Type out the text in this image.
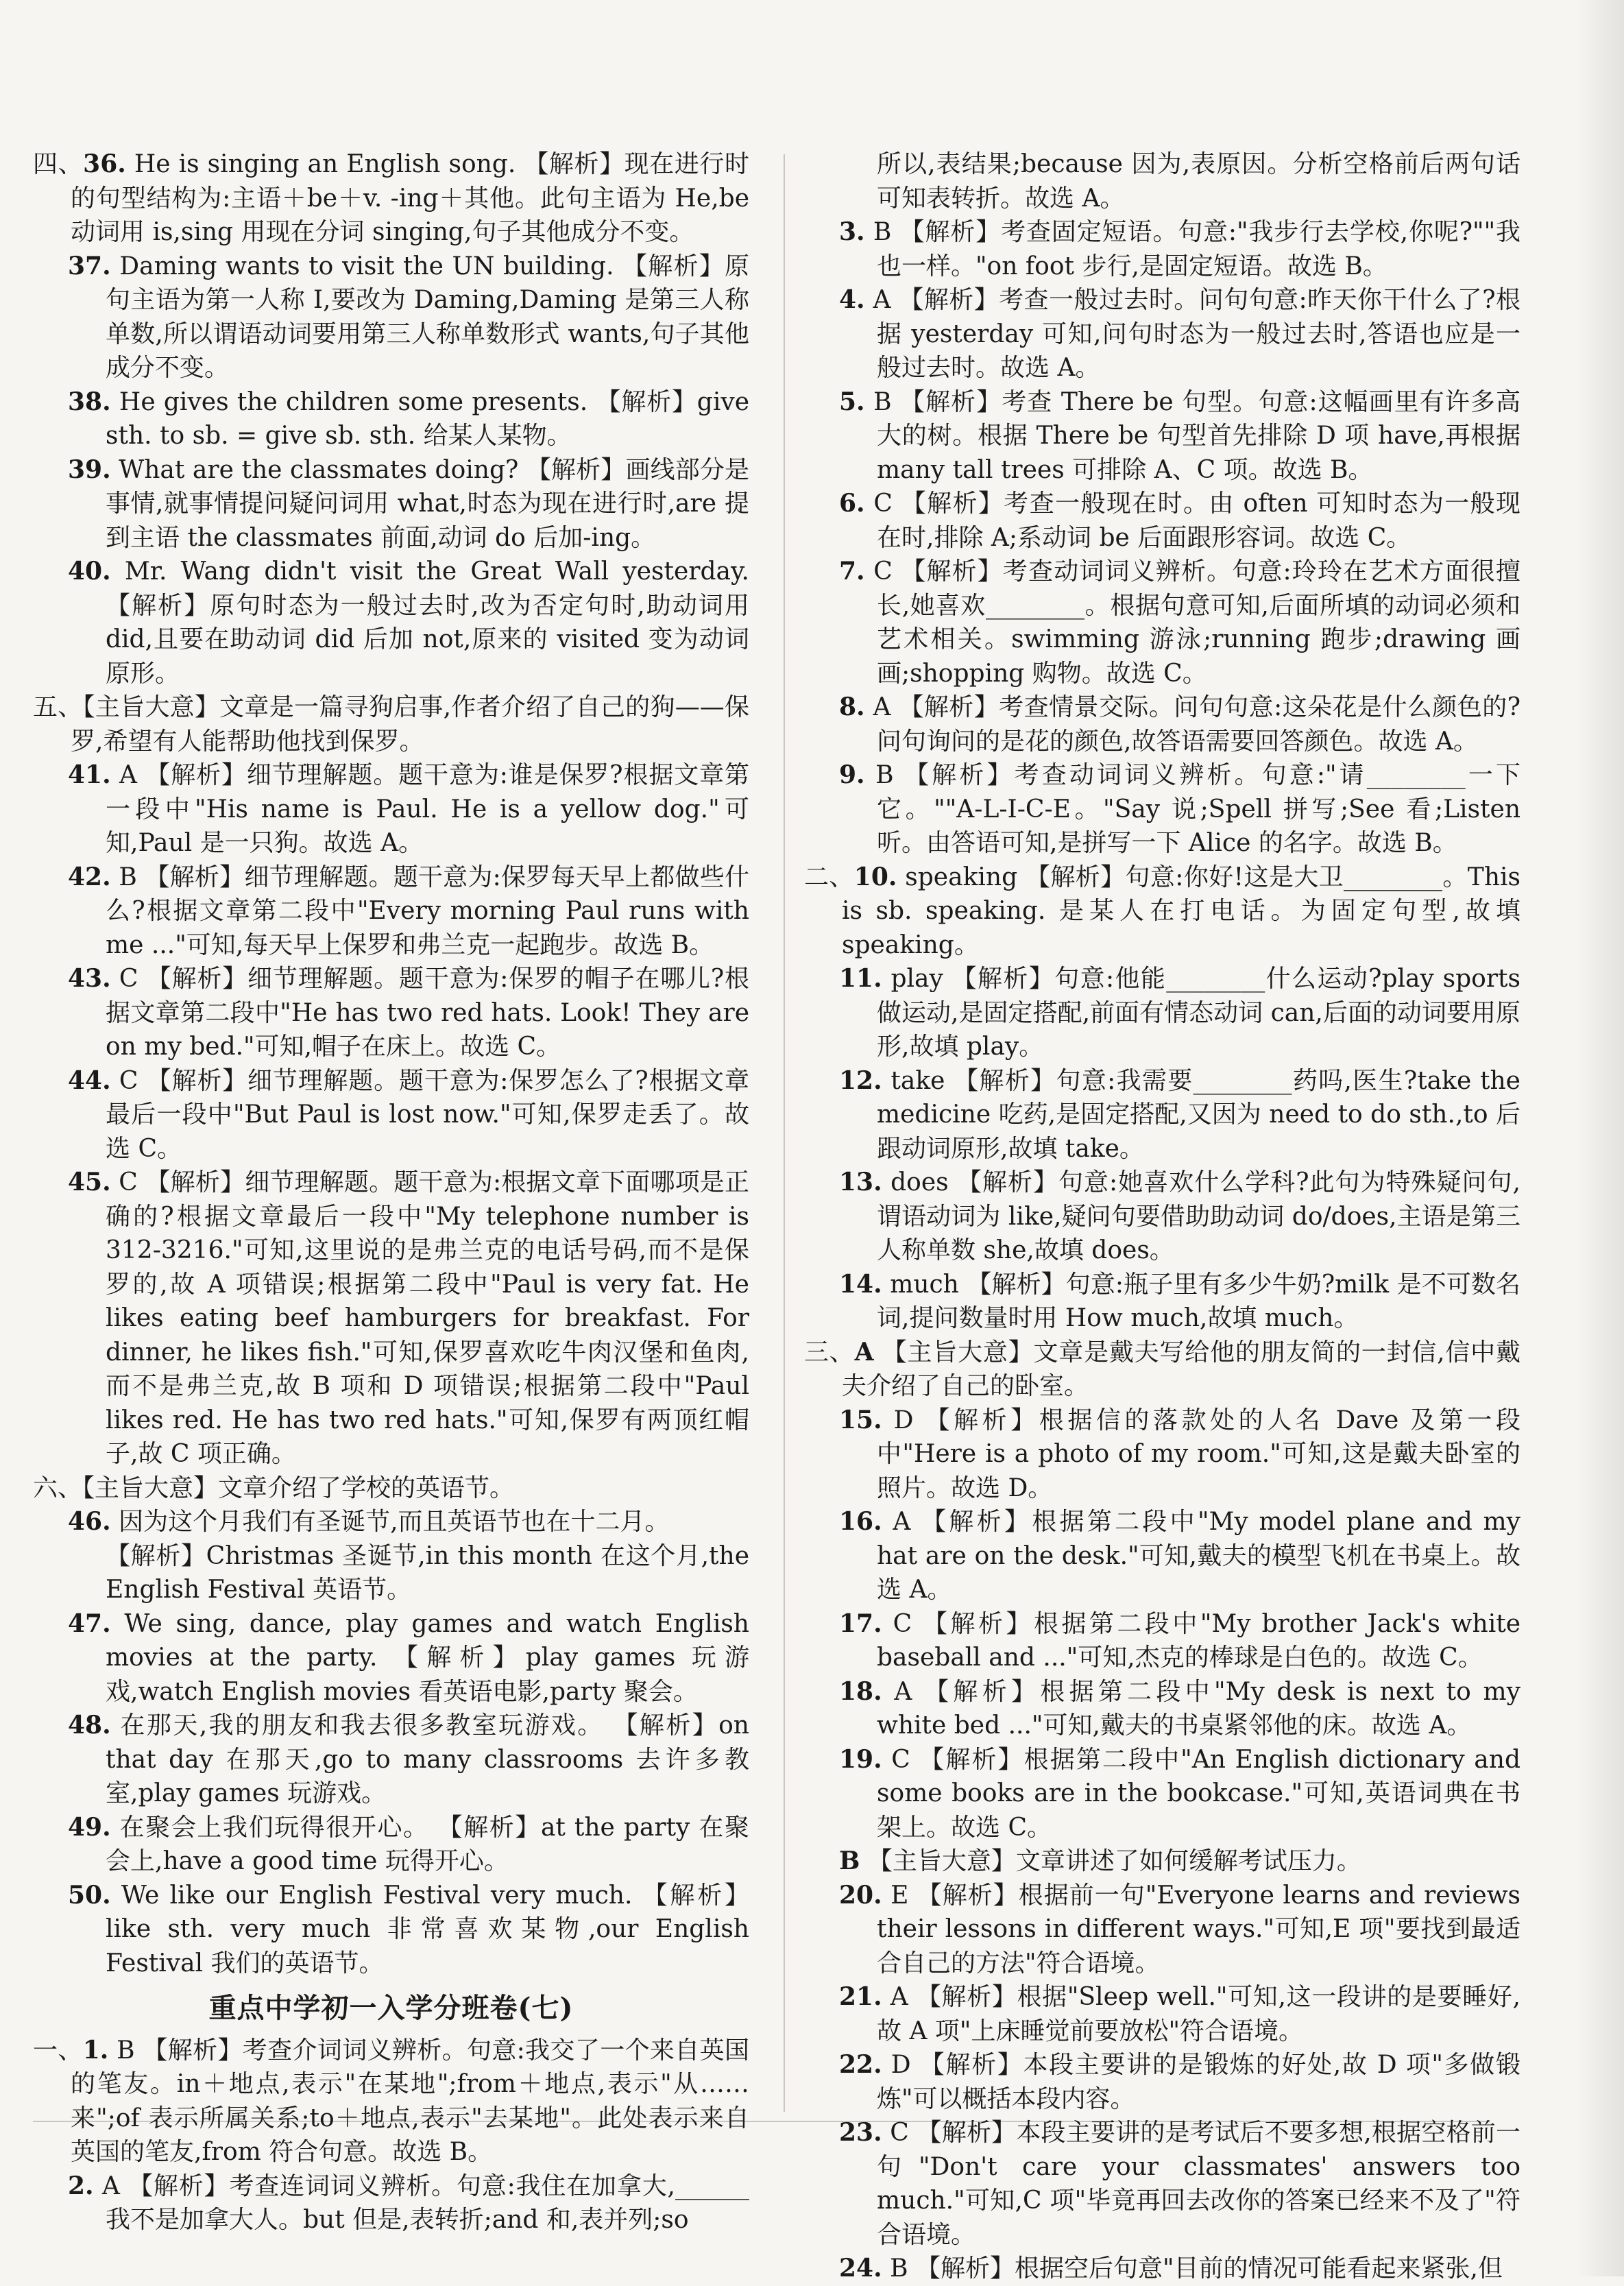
四、36. He is singing an English song. 【解析】现在进行时的句型结构为:主语＋be＋v. -ing＋其他。此句主语为 He,be 动词用 is,sing 用现在分词 singing,句子其他成分不变。
37. Daming wants to visit the UN building. 【解析】原句主语为第一人称 I,要改为 Daming,Daming 是第三人称单数,所以谓语动词要用第三人称单数形式 wants,句子其他成分不变。
38. He gives the children some presents. 【解析】give sth. to sb. = give sb. sth. 给某人某物。
39. What are the classmates doing? 【解析】画线部分是事情,就事情提问疑问词用 what,时态为现在进行时,are 提到主语 the classmates 前面,动词 do 后加-ing。
40. Mr. Wang didn't visit the Great Wall yesterday. 【解析】原句时态为一般过去时,改为否定句时,助动词用 did,且要在助动词 did 后加 not,原来的 visited 变为动词原形。
五、【主旨大意】文章是一篇寻狗启事,作者介绍了自己的狗——保罗,希望有人能帮助他找到保罗。
41. A 【解析】细节理解题。题干意为:谁是保罗?根据文章第一段中"His name is Paul. He is a yellow dog."可知,Paul 是一只狗。故选 A。
42. B 【解析】细节理解题。题干意为:保罗每天早上都做些什么?根据文章第二段中"Every morning Paul runs with me ..."可知,每天早上保罗和弗兰克一起跑步。故选 B。
43. C 【解析】细节理解题。题干意为:保罗的帽子在哪儿?根据文章第二段中"He has two red hats. Look! They are on my bed."可知,帽子在床上。故选 C。
44. C 【解析】细节理解题。题干意为:保罗怎么了?根据文章最后一段中"But Paul is lost now."可知,保罗走丢了。故选 C。
45. C 【解析】细节理解题。题干意为:根据文章下面哪项是正确的?根据文章最后一段中"My telephone number is 312-3216."可知,这里说的是弗兰克的电话号码,而不是保罗的,故 A 项错误;根据第二段中"Paul is very fat. He likes eating beef hamburgers for breakfast. For dinner, he likes fish."可知,保罗喜欢吃牛肉汉堡和鱼肉,而不是弗兰克,故 B 项和 D 项错误;根据第二段中"Paul likes red. He has two red hats."可知,保罗有两顶红帽子,故 C 项正确。
六、【主旨大意】文章介绍了学校的英语节。
46. 因为这个月我们有圣诞节,而且英语节也在十二月。
【解析】Christmas 圣诞节,in this month 在这个月,the English Festival 英语节。
47. We sing, dance, play games and watch English movies at the party. 【解析】play games 玩游戏,watch English movies 看英语电影,party 聚会。
48. 在那天,我的朋友和我去很多教室玩游戏。 【解析】on that day 在那天,go to many classrooms 去许多教室,play games 玩游戏。
49. 在聚会上我们玩得很开心。 【解析】at the party 在聚会上,have a good time 玩得开心。
50. We like our English Festival very much. 【解析】like sth. very much 非常喜欢某物,our English Festival 我们的英语节。
重点中学初一入学分班卷(七)
一、1. B 【解析】考查介词词义辨析。句意:我交了一个来自英国的笔友。in＋地点,表示"在某地";from＋地点,表示"从……来";of 表示所属关系;to＋地点,表示"去某地"。此处表示来自英国的笔友,from 符合句意。故选 B。
2. A 【解析】考查连词词义辨析。句意:我住在加拿大,______我不是加拿大人。but 但是,表转折;and 和,表并列;so
所以,表结果;because 因为,表原因。分析空格前后两句话可知表转折。故选 A。
3. B 【解析】考查固定短语。句意:"我步行去学校,你呢?""我也一样。"on foot 步行,是固定短语。故选 B。
4. A 【解析】考查一般过去时。问句句意:昨天你干什么了?根据 yesterday 可知,问句时态为一般过去时,答语也应是一般过去时。故选 A。
5. B 【解析】考查 There be 句型。句意:这幅画里有许多高大的树。根据 There be 句型首先排除 D 项 have,再根据 many tall trees 可排除 A、C 项。故选 B。
6. C 【解析】考查一般现在时。由 often 可知时态为一般现在时,排除 A;系动词 be 后面跟形容词。故选 C。
7. C 【解析】考查动词词义辨析。句意:玲玲在艺术方面很擅长,她喜欢________。根据句意可知,后面所填的动词必须和艺术相关。swimming 游泳;running 跑步;drawing 画画;shopping 购物。故选 C。
8. A 【解析】考查情景交际。问句句意:这朵花是什么颜色的?问句询问的是花的颜色,故答语需要回答颜色。故选 A。
9. B 【解析】考查动词词义辨析。句意:"请________一下它。""A-L-I-C-E。"Say 说;Spell 拼写;See 看;Listen 听。由答语可知,是拼写一下 Alice 的名字。故选 B。
二、10. speaking 【解析】句意:你好!这是大卫________。This is sb. speaking. 是某人在打电话。为固定句型,故填 speaking。
11. play 【解析】句意:他能________什么运动?play sports 做运动,是固定搭配,前面有情态动词 can,后面的动词要用原形,故填 play。
12. take 【解析】句意:我需要________药吗,医生?take the medicine 吃药,是固定搭配,又因为 need to do sth.,to 后跟动词原形,故填 take。
13. does 【解析】句意:她喜欢什么学科?此句为特殊疑问句,谓语动词为 like,疑问句要借助助动词 do/does,主语是第三人称单数 she,故填 does。
14. much 【解析】句意:瓶子里有多少牛奶?milk 是不可数名词,提问数量时用 How much,故填 much。
三、A 【主旨大意】文章是戴夫写给他的朋友简的一封信,信中戴夫介绍了自己的卧室。
15. D 【解析】根据信的落款处的人名 Dave 及第一段中"Here is a photo of my room."可知,这是戴夫卧室的照片。故选 D。
16. A 【解析】根据第二段中"My model plane and my hat are on the desk."可知,戴夫的模型飞机在书桌上。故选 A。
17. C 【解析】根据第二段中"My brother Jack's white baseball and ..."可知,杰克的棒球是白色的。故选 C。
18. A 【解析】根据第二段中"My desk is next to my white bed ..."可知,戴夫的书桌紧邻他的床。故选 A。
19. C 【解析】根据第二段中"An English dictionary and some books are in the bookcase."可知,英语词典在书架上。故选 C。
B 【主旨大意】文章讲述了如何缓解考试压力。
20. E 【解析】根据前一句"Everyone learns and reviews their lessons in different ways."可知,E 项"要找到最适合自己的方法"符合语境。
21. A 【解析】根据"Sleep well."可知,这一段讲的是要睡好,故 A 项"上床睡觉前要放松"符合语境。
22. D 【解析】本段主要讲的是锻炼的好处,故 D 项"多做锻炼"可以概括本段内容。
23. C 【解析】本段主要讲的是考试后不要多想,根据空格前一句"Don't care your classmates' answers too much."可知,C 项"毕竟再回去改你的答案已经来不及了"符合语境。
24. B 【解析】根据空后句意"目前的情况可能看起来紧张,但
